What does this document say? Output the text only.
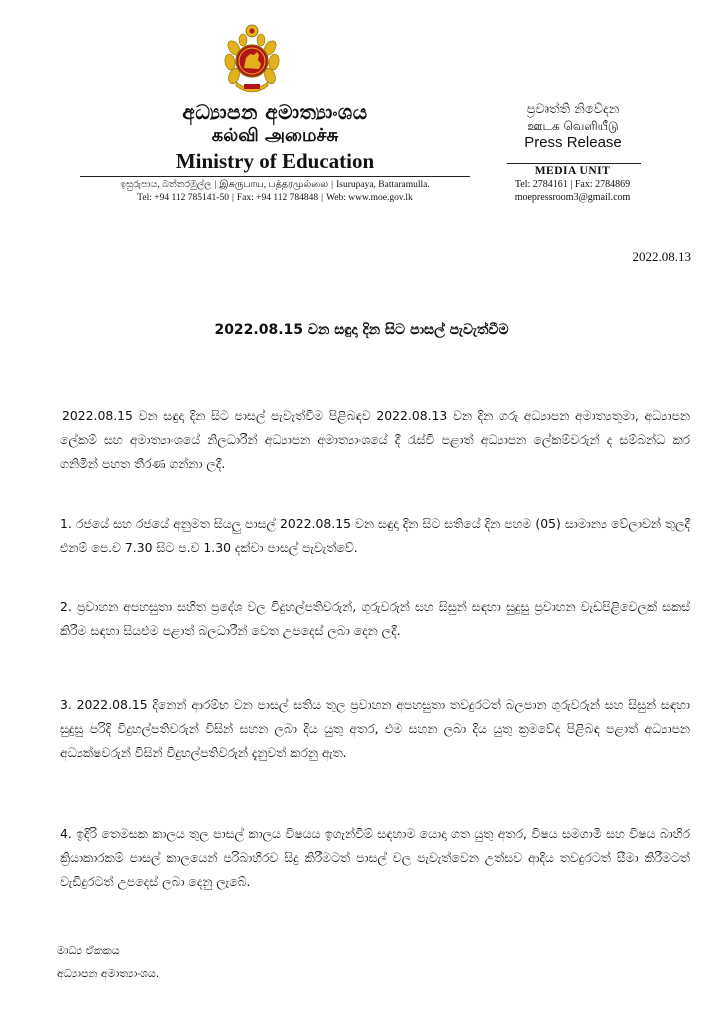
අධ්‍යාපන අමාත්‍යාංශය
கல்வி அமைச்சு
Ministry of Education
ඉසුරුපාය, බත්තරමුල්ල | இசுருபாய, பத்தரமுல்லை | Isurupaya, Battaramulla.
Tel: +94 112 785141-50 | Fax: +94 112 784848 | Web: www.moe.gov.lk
ප්‍රවෘත්ති නිවේදන
ஊடக வெளியீடு
Press Release
MEDIA UNIT
Tel: 2784161 | Fax: 2784869
moepressroom3@gmail.com
2022.08.13
2022.08.15 වන සඳුදා දින සිට පාසල් පැවැත්වීම
2022.08.15 වන සඳුදා දින සිට පාසල් පැවැත්වීම පිළිබඳව 2022.08.13 වන දින ගරු අධ්‍යාපන අමාත්‍යතුමා, අධ්‍යාපන ලේකම් සහ අමාත්‍යාංශයේ නිලධාරීන් අධ්‍යාපන අමාත්‍යාංශයේ දී රැස්වී පළාත් අධ්‍යාපන ලේකම්වරුන් ද සම්බන්ධ කර ගනිමින් පහත තීරණ ගන්නා ලදී.
1. රජයේ සහ රජයේ අනුමත සියලු පාසල් 2022.08.15 වන සඳුදා දින සිට සතියේ දින පහම (05) සාමාන්‍ය වේලාවන් තුලදී එනම් පෙ.ව 7.30 සිට ප.ව 1.30 දක්වා පාසල් පැවැත්වේ.
2. ප්‍රවාහන අපහසුතා සහිත ප්‍රදේශ වල විදුහල්පතිවරුන්, ගුරුවරුන් සහ සිසුන් සඳහා සුදුසු ප්‍රවාහන වැඩපිළිවෙලක් සකස් කිරීම සඳහා සියළුම පළාත් බලධාරීන් වෙත උපදෙස් ලබා දෙන ලදී.
3. 2022.08.15 දිනෙන් ආරම්භ වන පාසල් සතිය තුල ප්‍රවාහන අපහසුතා තවදුරටත් බලපාන ගුරුවරුන් සහ සිසුන් සඳහා සුදුසු පරිදි විදුහල්පතිවරුන් විසින් සහන ලබා දිය යුතු අතර, එම සහන ලබා දිය යුතු ක්‍රමවේද පිළිබඳ පළාත් අධ්‍යාපන අධ්‍යක්ෂවරුන් විසින් විදුහල්පතිවරුන් දැනුවත් කරනු ඇත.
4. ඉදිරි තෙමසක කාලය තුල පාසල් කාලය විෂයය ඉගැන්වීම් සඳහාම යොදා ගත යුතු අතර, විෂය සමගාමී සහ විෂය බාහිර ක්‍රියාකාරකම් පාසල් කාලයෙන් පරිබාහිරව සිදු කිරීමටත් පාසල් වල පැවැත්වෙන උත්සව ආදිය තවදුරටත් සීමා කිරීමටත් වැඩිදුරටත් උපදෙස් ලබා දෙනු ලැබේ.
මාධ්‍ය ඒකකය
අධ්‍යාපන අමාත්‍යාංශය.
